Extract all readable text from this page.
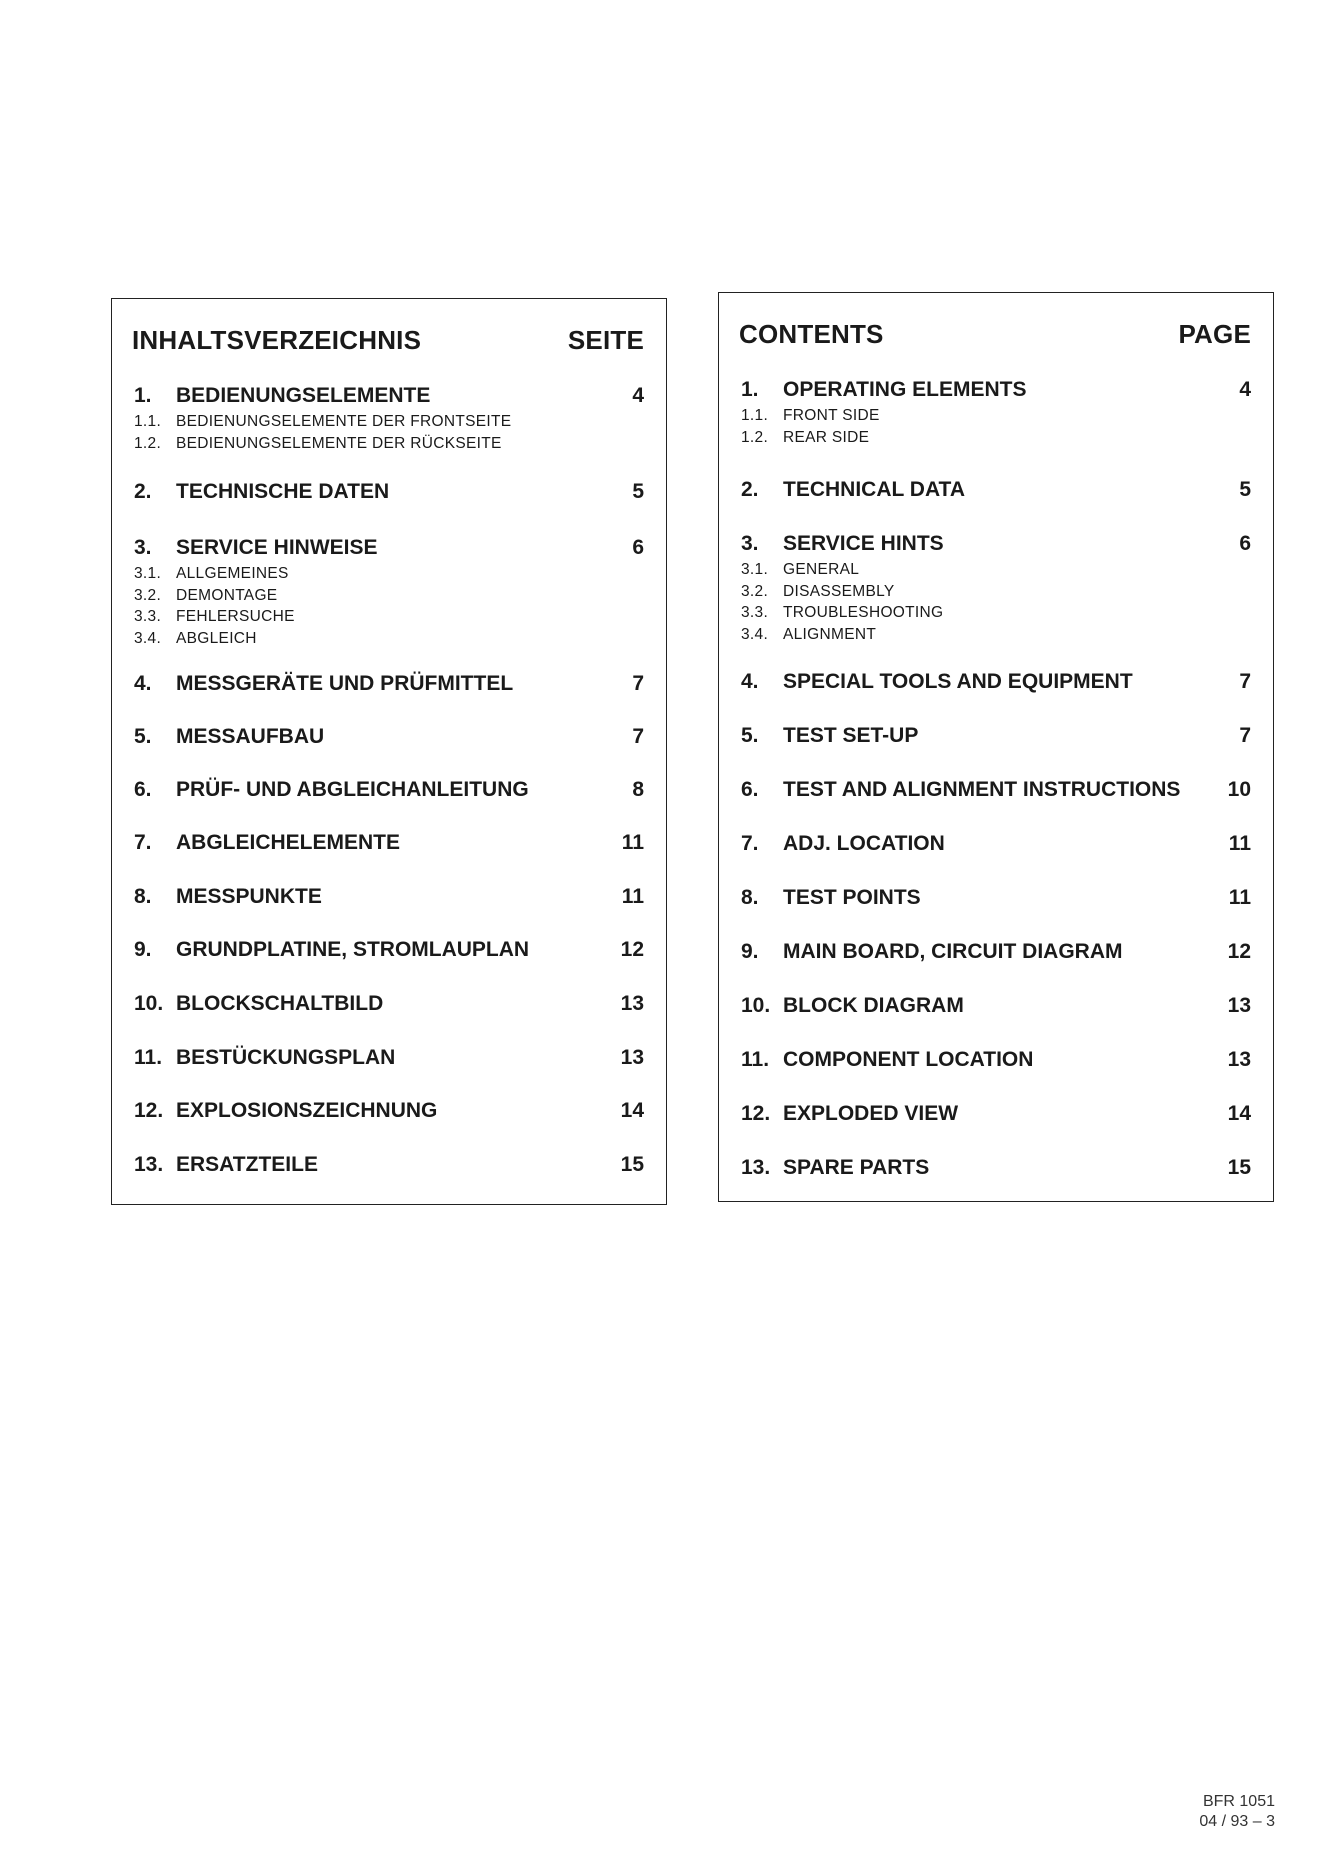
INHALTSVERZEICHNIS	SEITE
1.	BEDIENUNGSELEMENTE	4
1.1. BEDIENUNGSELEMENTE DER FRONTSEITE
1.2. BEDIENUNGSELEMENTE DER RÜCKSEITE
2.	TECHNISCHE DATEN	5
3.	SERVICE HINWEISE	6
3.1. ALLGEMEINES
3.2. DEMONTAGE
3.3. FEHLERSUCHE
3.4. ABGLEICH
4.	MESSGERÄTE UND PRÜFMITTEL	7
5.	MESSAUFBAU	7
6.	PRÜF- UND ABGLEICHANLEITUNG	8
7.	ABGLEICHELEMENTE	11
8.	MESSPUNKTE	11
9.	GRUNDPLATINE, STROMLAUPLAN	12
10. BLOCKSCHALTBILD	13
11. BESTÜCKUNGSPLAN	13
12. EXPLOSIONSZEICHNUNG	14
13. ERSATZTEILE	15
CONTENTS	PAGE
1.	OPERATING ELEMENTS	4
1.1. FRONT SIDE
1.2. REAR SIDE
2.	TECHNICAL DATA	5
3.	SERVICE HINTS	6
3.1. GENERAL
3.2. DISASSEMBLY
3.3. TROUBLESHOOTING
3.4. ALIGNMENT
4.	SPECIAL TOOLS AND EQUIPMENT	7
5.	TEST SET-UP	7
6.	TEST AND ALIGNMENT INSTRUCTIONS	10
7.	ADJ. LOCATION	11
8.	TEST POINTS	11
9.	MAIN BOARD, CIRCUIT DIAGRAM	12
10. BLOCK DIAGRAM	13
11. COMPONENT LOCATION	13
12. EXPLODED VIEW	14
13. SPARE PARTS	15
BFR 1051
04 / 93 – 3
